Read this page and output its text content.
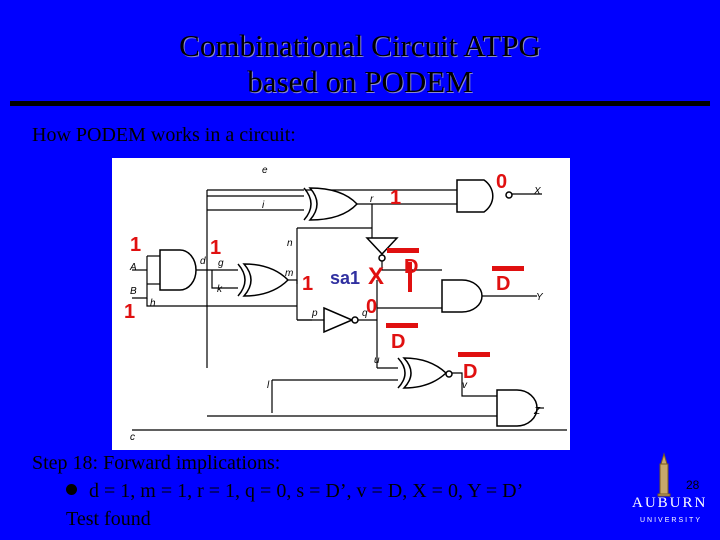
Combinational Circuit ATPG
based on PODEM
How PODEM works in a circuit:
e
i
X
r
n
A
B
d g
k
h
m
p	q
Y
u
l	v
Z
c
1
1
1
1
1
0
0
D
D
D
D
sa1 X
Step 18: Forward implications:
d = 1, m = 1, r = 1, q = 0, s = D’, v = D, X = 0, Y = D’
Test found
28
AUBURN
UNIVERSITY
